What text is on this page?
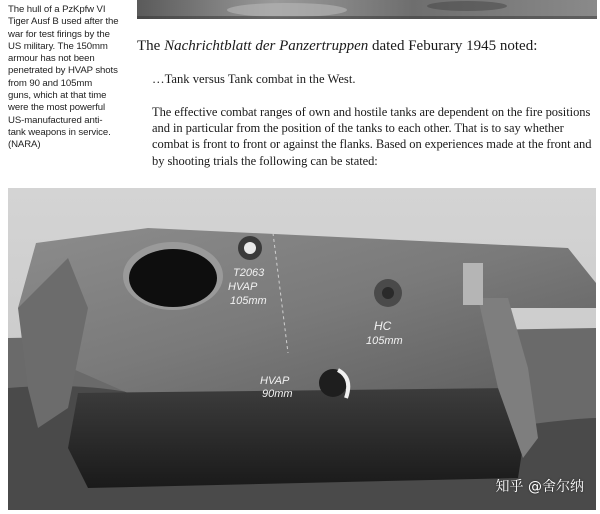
The hull of a PzKpfw VI
Tiger Ausf B used after the
war for test firings by the
US military. The 150mm
armour has not been
penetrated by HVAP shots
from 90 and 105mm
guns, which at that time
were the most powerful
US-manufactured anti-
tank weapons in service.
(NARA)
The Nachrichtblatt der Panzertruppen dated Feburary 1945 noted:
…Tank versus Tank combat in the West.
The effective combat ranges of own and hostile tanks are dependent on the fire positions and in particular from the position of the tanks to each other. That is to say whether combat is front to front or against the flanks. Based on experiences made at the front and by shooting trials the following can be stated:
T2063
HVAP
105mm
HC
105mm
HVAP
90mm
知乎 @舍尔纳
